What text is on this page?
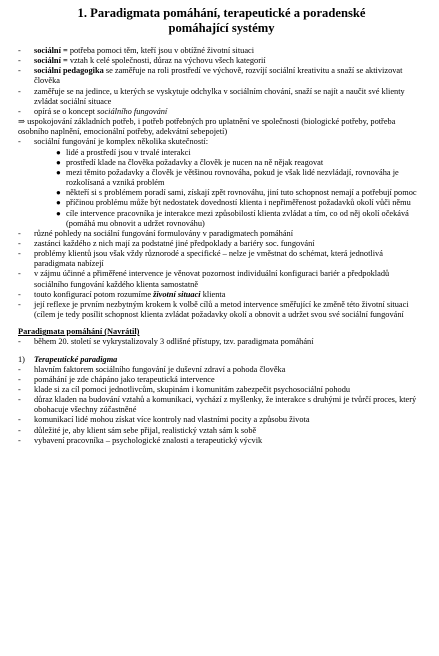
1. Paradigmata pomáhání, terapeutické a poradenské
pomáhající systémy
- sociální = potřeba pomoci těm, kteří jsou v obtížné životní situaci
- sociální = vztah k celé společnosti, důraz na výchovu všech kategorií
- sociální pedagogika se zaměřuje na roli prostředí ve výchově, rozvíjí sociální kreativitu a snaží se aktivizovat člověka
- zaměřuje se na jedince, u kterých se vyskytuje odchylka v sociálním chování, snaží se najít a naučit své klienty zvládat sociální situace
- opírá se o koncept sociálního fungování
⇒ uspokojování základních potřeb, i potřeb potřebných pro uplatnění ve společnosti (biologické potřeby, potřeba osobního naplnění, emocionální potřeby, adekvátní sebepojetí)
- sociální fungování je komplex několika skutečností:
● lidé a prostředí jsou v trvalé interakci
● prostředí klade na člověka požadavky a člověk je nucen na ně nějak reagovat
● mezi těmito požadavky a člověk je většinou rovnováha, pokud je však lidé nezvládají, rovnováha je rozkolísaná a vzniká problém
● někteří si s problémem poradí sami, získají zpět rovnováhu, jiní tuto schopnost nemají a potřebují pomoc
● příčinou problému může být nedostatek dovedností klienta i nepřiměřenost požadavků okolí vůči němu
● cíle intervence pracovníka je interakce mezi způsobilostí klienta zvládat a tím, co od něj okolí očekává (pomáhá mu obnovit a udržet rovnováhu)
- různé pohledy na sociální fungování formulovány v paradigmatech pomáhání
- zastánci každého z nich mají za podstatné jiné předpoklady a bariéry soc. fungování
- problémy klientů jsou však vždy různorodé a specifické – nelze je vměstnat do schémat, která jednotlivá paradigmata nabízejí
- v zájmu účinné a přiměřené intervence je věnovat pozornost individuální konfiguraci bariér a předpokladů sociálního fungování každého klienta samostatně
- touto konfigurací potom rozumíme životní situaci klienta
- její reflexe je prvním nezbytným krokem k volbě cílů a metod intervence směřující ke změně této životní situaci (cílem je tedy posílit schopnost klienta zvládat požadavky okolí a obnovit a udržet svou své sociální fungování
Paradigmata pomáhání (Navrátil)
- během 20. století se vykrystalizovaly 3 odlišné přístupy, tzv. paradigmata pomáhání
1) Terapeutické paradigma
- hlavním faktorem sociálního fungování je duševní zdraví a pohoda člověka
- pomáhání je zde chápáno jako terapeutická intervence
- klade si za cíl pomoci jednotlivcům, skupinám i komunitám zabezpečit psychosociální pohodu
- důraz kladen na budování vztahů a komunikaci, vychází z myšlenky, že interakce s druhými je tvůrčí proces, který obohacuje všechny zúčastněné
- komunikací lidé mohou získat více kontroly nad vlastními pocity a způsobu života
- důležité je, aby klient sám sebe přijal, realistický vztah sám k sobě
- vybavení pracovníka – psychologické znalosti a terapeutický výcvik
